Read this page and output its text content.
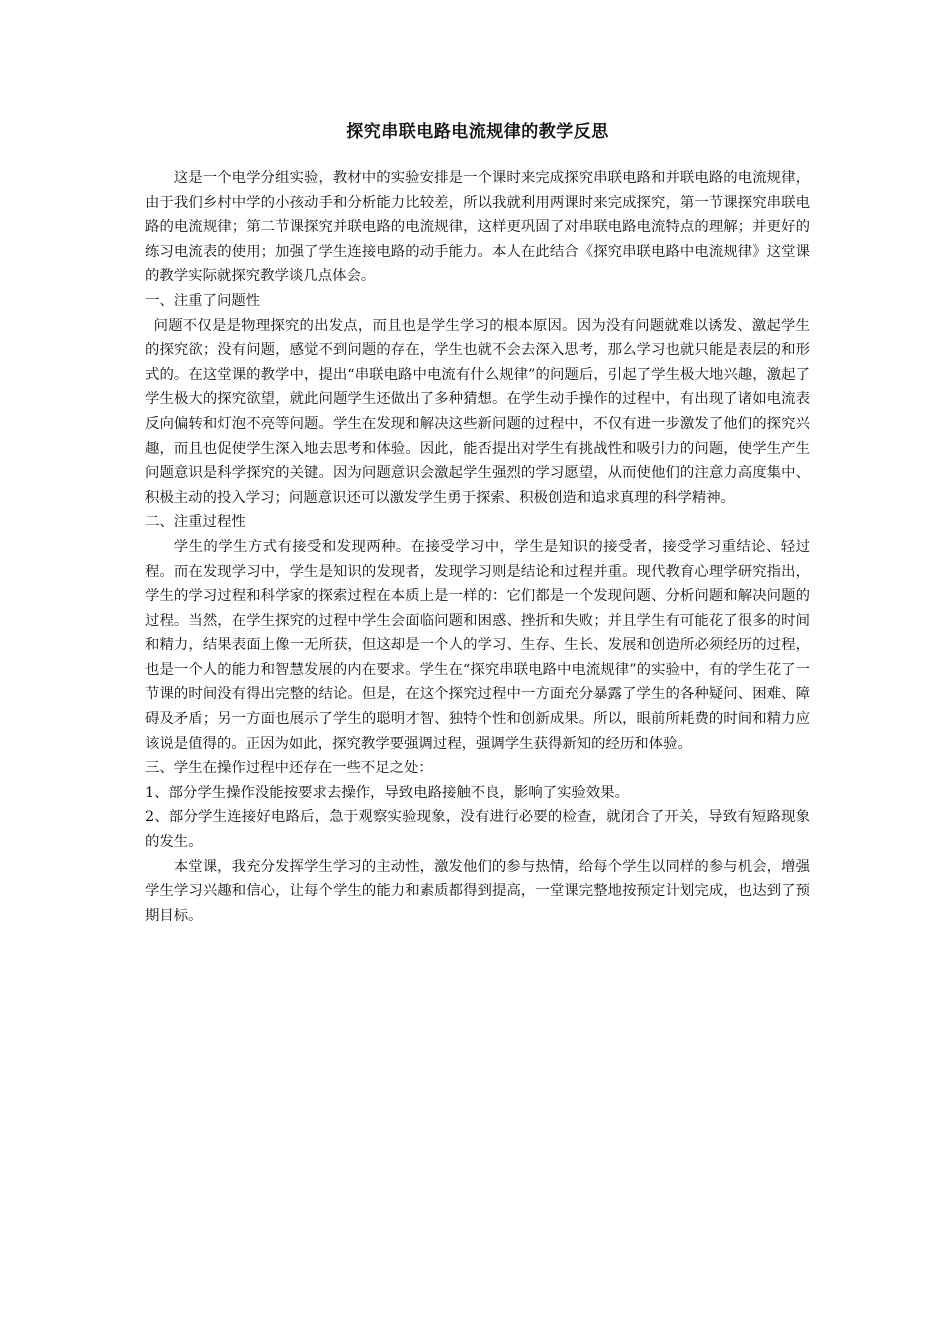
探究串联电路电流规律的教学反思

这是一个电学分组实验，教材中的实验安排是一个课时来完成探究串联电路和并联电路的电流规律，由于我们乡村中学的小孩动手和分析能力比较差，所以我就利用两课时来完成探究，第一节课探究串联电路的电流规律；第二节课探究并联电路的电流规律，这样更巩固了对串联电路电流特点的理解；并更好的练习电流表的使用；加强了学生连接电路的动手能力。本人在此结合《探究串联电路中电流规律》这堂课的教学实际就探究教学谈几点体会。

一、注重了问题性

问题不仅是是物理探究的出发点，而且也是学生学习的根本原因。因为没有问题就难以诱发、激起学生的探究欲；没有问题，感觉不到问题的存在，学生也就不会去深入思考，那么学习也就只能是表层的和形式的。在这堂课的教学中，提出“串联电路中电流有什么规律”的问题后，引起了学生极大地兴趣，激起了学生极大的探究欲望，就此问题学生还做出了多种猜想。在学生动手操作的过程中，有出现了诸如电流表反向偏转和灯泡不亮等问题。学生在发现和解决这些新问题的过程中，不仅有进一步激发了他们的探究兴趣，而且也促使学生深入地去思考和体验。因此，能否提出对学生有挑战性和吸引力的问题，使学生产生问题意识是科学探究的关键。因为问题意识会激起学生强烈的学习愿望，从而使他们的注意力高度集中、积极主动的投入学习；问题意识还可以激发学生勇于探索、积极创造和追求真理的科学精神。

二、注重过程性

学生的学生方式有接受和发现两种。在接受学习中，学生是知识的接受者，接受学习重结论、轻过程。而在发现学习中，学生是知识的发现者，发现学习则是结论和过程并重。现代教育心理学研究指出，学生的学习过程和科学家的探索过程在本质上是一样的：它们都是一个发现问题、分析问题和解决问题的过程。当然，在学生探究的过程中学生会面临问题和困惑、挫折和失败；并且学生有可能花了很多的时间和精力，结果表面上像一无所获，但这却是一个人的学习、生存、生长、发展和创造所必须经历的过程，也是一个人的能力和智慧发展的内在要求。学生在“探究串联电路中电流规律”的实验中，有的学生花了一节课的时间没有得出完整的结论。但是，在这个探究过程中一方面充分暴露了学生的各种疑问、困难、障碍及矛盾；另一方面也展示了学生的聪明才智、独特个性和创新成果。所以，眼前所耗费的时间和精力应该说是值得的。正因为如此，探究教学要强调过程，强调学生获得新知的经历和体验。

三、学生在操作过程中还存在一些不足之处：

1、部分学生操作没能按要求去操作，导致电路接触不良，影响了实验效果。

2、部分学生连接好电路后，急于观察实验现象，没有进行必要的检查，就闭合了开关，导致有短路现象的发生。

本堂课，我充分发挥学生学习的主动性，激发他们的参与热情，给每个学生以同样的参与机会，增强学生学习兴趣和信心，让每个学生的能力和素质都得到提高，一堂课完整地按预定计划完成，也达到了预期目标。
